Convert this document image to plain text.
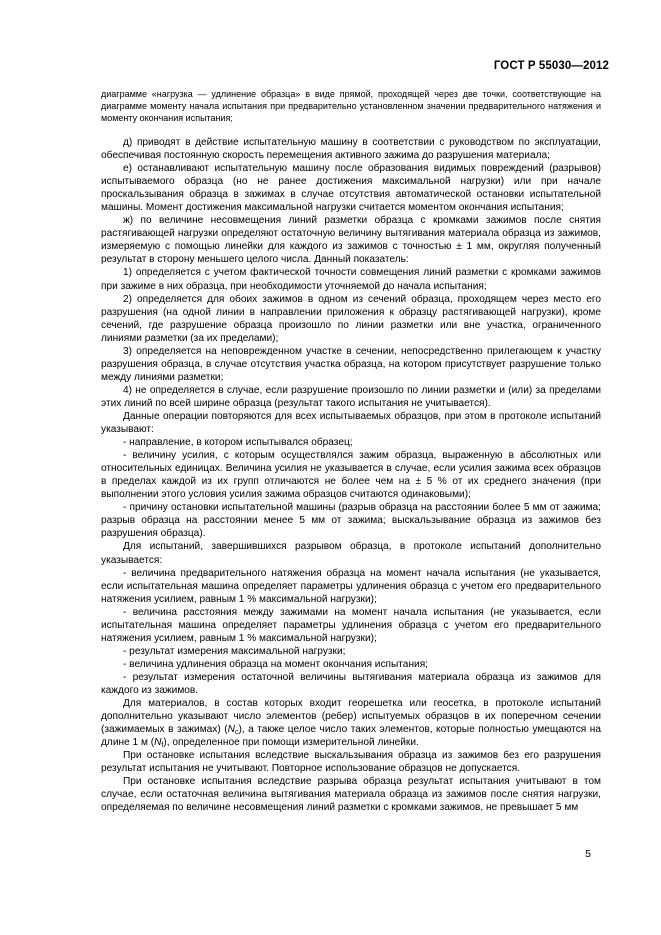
ГОСТ Р 55030—2012
диаграмме «нагрузка — удлинение образца» в виде прямой, проходящей через две точки, соответствующие на диаграмме моменту начала испытания при предварительно установленном значении предварительного натяжения и моменту окончания испытания;

д) приводят в действие испытательную машину в соответствии с руководством по эксплуатации, обеспечивая постоянную скорость перемещения активного зажима до разрушения материала;

е) останавливают испытательную машину после образования видимых повреждений (разрывов) испытываемого образца (но не ранее достижения максимальной нагрузки) или при начале проскальзывания образца в зажимах в случае отсутствия автоматической остановки испытательной машины. Момент достижения максимальной нагрузки считается моментом окончания испытания;

ж) по величине несовмещения линий разметки образца с кромками зажимов после снятия растягивающей нагрузки определяют остаточную величину вытягивания материала образца из зажимов, измеряемую с помощью линейки для каждого из зажимов с точностью ± 1 мм, округляя полученный результат в сторону меньшего целого числа. Данный показатель:

1) определяется с учетом фактической точности совмещения линий разметки с кромками зажимов при зажиме в них образца, при необходимости уточняемой до начала испытания;

2) определяется для обоих зажимов в одном из сечений образца, проходящем через место его разрушения (на одной линии в направлении приложения к образцу растягивающей нагрузки), кроме сечений, где разрушение образца произошло по линии разметки или вне участка, ограниченного линиями разметки (за их пределами);

3) определяется на неповрежденном участке в сечении, непосредственно прилегающем к участку разрушения образца, в случае отсутствия участка образца, на котором присутствует разрушение только между линиями разметки;

4) не определяется в случае, если разрушение произошло по линии разметки и (или) за пределами этих линий по всей ширине образца (результат такого испытания не учитывается).

Данные операции повторяются для всех испытываемых образцов, при этом в протоколе испытаний указывают:

- направление, в котором испытывался образец;

- величину усилия, с которым осуществлялся зажим образца, выраженную в абсолютных или относительных единицах. Величина усилия не указывается в случае, если усилия зажима всех образцов в пределах каждой из их групп отличаются не более чем на ± 5 % от их среднего значения (при выполнении этого условия усилия зажима образцов считаются одинаковыми);

- причину остановки испытательной машины (разрыв образца на расстоянии более 5 мм от зажима; разрыв образца на расстоянии менее 5 мм от зажима; выскальзывание образца из зажимов без разрушения образца).

Для испытаний, завершившихся разрывом образца, в протоколе испытаний дополнительно указывается:

- величина предварительного натяжения образца на момент начала испытания (не указывается, если испытательная машина определяет параметры удлинения образца с учетом его предварительного натяжения усилием, равным 1 % максимальной нагрузки);

- величина расстояния между зажимами на момент начала испытания (не указывается, если испытательная машина определяет параметры удлинения образца с учетом его предварительного натяжения усилием, равным 1 % максимальной нагрузки);

- результат измерения максимальной нагрузки;

- величина удлинения образца на момент окончания испытания;

- результат измерения остаточной величины вытягивания материала образца из зажимов для каждого из зажимов.

Для материалов, в состав которых входит георешетка или геосетка, в протоколе испытаний дополнительно указывают число элементов (ребер) испытуемых образцов в их поперечном сечении (зажимаемых в зажимах) $(N_c)$, а также целое число таких элементов, которые полностью умещаются на длине 1 м $(N_f)$, определенное при помощи измерительной линейки.

При остановке испытания вследствие выскальзывания образца из зажимов без его разрушения результат испытания не учитывают. Повторное использование образцов не допускается.

При остановке испытания вследствие разрыва образца результат испытания учитывают в том случае, если остаточная величина вытягивания материала образца из зажимов после снятия нагрузки, определяемая по величине несовмещения линий разметки с кромками зажимов, не превышает 5 мм

5
